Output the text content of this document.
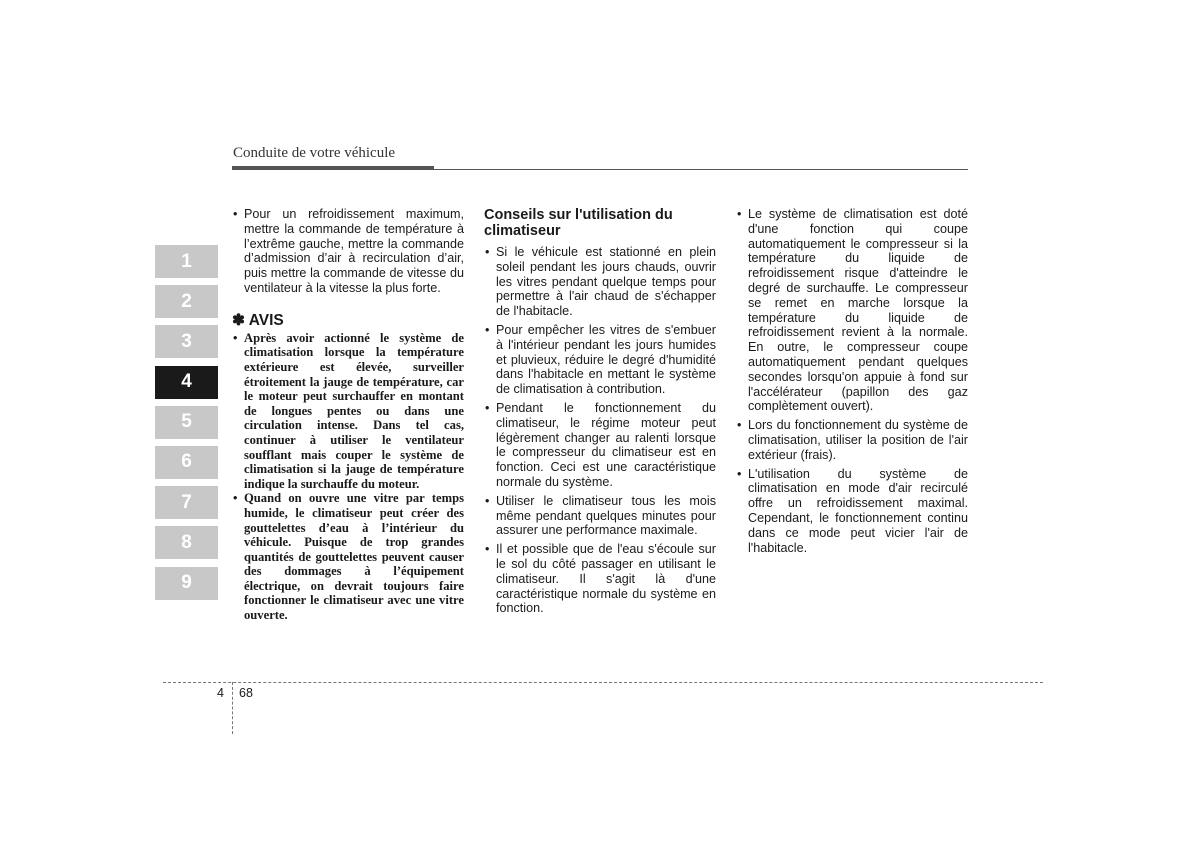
Conduite de votre véhicule
1
2
3
4
5
6
7
8
9
• Pour un refroidissement maximum, mettre la commande de température à l’extrême gauche, mettre la commande d’admission d’air à recirculation d’air, puis mettre la commande de vitesse du ventilateur à la vitesse la plus forte.
✽ AVIS
• Après avoir actionné le système de climatisation lorsque la température extérieure est élevée, surveiller étroitement la jauge de température, car le moteur peut surchauffer en montant de longues pentes ou dans une circulation intense. Dans tel cas, continuer à utiliser le ventilateur soufflant mais couper le système de climatisation si la jauge de température indique la surchauffe du moteur.
• Quand on ouvre une vitre par temps humide, le climatiseur peut créer des gouttelettes d’eau à l’intérieur du véhicule. Puisque de trop grandes quantités de gouttelettes peuvent causer des dommages à l’équipement électrique, on devrait toujours faire fonctionner le climatiseur avec une vitre ouverte.
Conseils sur l'utilisation du climatiseur
• Si le véhicule est stationné en plein soleil pendant les jours chauds, ouvrir les vitres pendant quelque temps pour permettre à l'air chaud de s'échapper de l'habitacle.
• Pour empêcher les vitres de s'embuer à l'intérieur pendant les jours humides et pluvieux, réduire le degré d'humidité dans l'habitacle en mettant le système de climatisation à contribution.
• Pendant le fonctionnement du climatiseur, le régime moteur peut légèrement changer au ralenti lorsque le compresseur du climatiseur est en fonction. Ceci est une caractéristique normale du système.
• Utiliser le climatiseur tous les mois même pendant quelques minutes pour assurer une performance maximale.
• Il et possible que de l'eau s'écoule sur le sol du côté passager en utilisant le climatiseur. Il s'agit là d'une caractéristique normale du système en fonction.
• Le système de climatisation est doté d'une fonction qui coupe automatiquement le compresseur si la température du liquide de refroidissement risque d'atteindre le degré de surchauffe. Le compresseur se remet en marche lorsque la température du liquide de refroidissement revient à la normale. En outre, le compresseur coupe automatiquement pendant quelques secondes lorsqu'on appuie à fond sur l'accélérateur (papillon des gaz complètement ouvert).
• Lors du fonctionnement du système de climatisation, utiliser la position de l'air extérieur (frais).
• L'utilisation du système de climatisation en mode d'air recirculé offre un refroidissement maximal. Cependant, le fonctionnement continu dans ce mode peut vicier l'air de l'habitacle.
4 68
